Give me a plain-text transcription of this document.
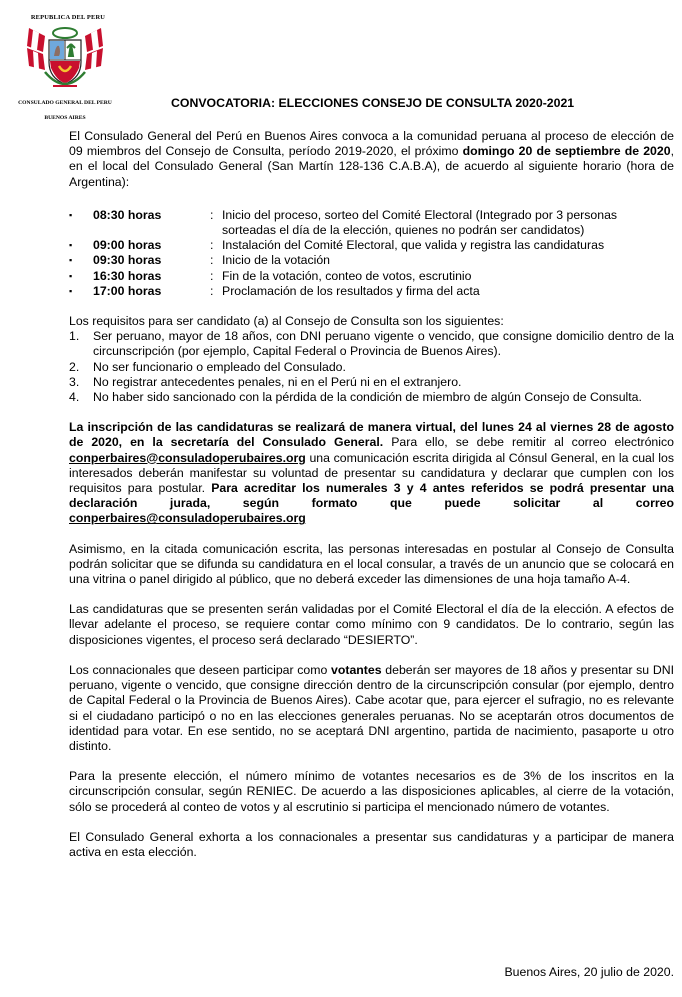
REPUBLICA DEL PERU
CONSULADO GENERAL DEL PERU
BUENOS AIRES
CONVOCATORIA: ELECCIONES CONSEJO DE CONSULTA 2020-2021

El Consulado General del Perú en Buenos Aires convoca a la comunidad peruana al proceso de elección de 09 miembros del Consejo de Consulta, período 2019-2020, el próximo domingo 20 de septiembre de 2020, en el local del Consulado General (San Martín 128-136 C.A.B.A), de acuerdo al siguiente horario (hora de Argentina):

▪ 08:30 horas	: Inicio del proceso, sorteo del Comité Electoral (Integrado por 3 personas sorteadas el día de la elección, quienes no podrán ser candidatos)
▪ 09:00 horas	: Instalación del Comité Electoral, que valida y registra las candidaturas
▪ 09:30 horas	: Inicio de la votación
▪ 16:30 horas	: Fin de la votación, conteo de votos, escrutinio
▪ 17:00 horas	: Proclamación de los resultados y firma del acta

Los requisitos para ser candidato (a) al Consejo de Consulta son los siguientes:

1. Ser peruano, mayor de 18 años, con DNI peruano vigente o vencido, que consigne domicilio dentro de la circunscripción (por ejemplo, Capital Federal o Provincia de Buenos Aires).
2. No ser funcionario o empleado del Consulado.
3. No registrar antecedentes penales, ni en el Perú ni en el extranjero.
4. No haber sido sancionado con la pérdida de la condición de miembro de algún Consejo de Consulta.

La inscripción de las candidaturas se realizará de manera virtual, del lunes 24 al viernes 28 de agosto de 2020, en la secretaría del Consulado General. Para ello, se debe remitir al correo electrónico conperbaires@consuladoperubaires.org una comunicación escrita dirigida al Cónsul General, en la cual los interesados deberán manifestar su voluntad de presentar su candidatura y declarar que cumplen con los requisitos para postular. Para acreditar los numerales 3 y 4 antes referidos se podrá presentar una declaración jurada, según formato que puede solicitar al correo conperbaires@consuladoperubaires.org

Asimismo, en la citada comunicación escrita, las personas interesadas en postular al Consejo de Consulta podrán solicitar que se difunda su candidatura en el local consular, a través de un anuncio que se colocará en una vitrina o panel dirigido al público, que no deberá exceder las dimensiones de una hoja tamaño A-4.

Las candidaturas que se presenten serán validadas por el Comité Electoral el día de la elección. A efectos de llevar adelante el proceso, se requiere contar como mínimo con 9 candidatos. De lo contrario, según las disposiciones vigentes, el proceso será declarado “DESIERTO”.

Los connacionales que deseen participar como votantes deberán ser mayores de 18 años y presentar su DNI peruano, vigente o vencido, que consigne dirección dentro de la circunscripción consular (por ejemplo, dentro de Capital Federal o la Provincia de Buenos Aires). Cabe acotar que, para ejercer el sufragio, no es relevante si el ciudadano participó o no en las elecciones generales peruanas. No se aceptarán otros documentos de identidad para votar. En ese sentido, no se aceptará DNI argentino, partida de nacimiento, pasaporte u otro distinto.

Para la presente elección, el número mínimo de votantes necesarios es de 3% de los inscritos en la circunscripción consular, según RENIEC. De acuerdo a las disposiciones aplicables, al cierre de la votación, sólo se procederá al conteo de votos y al escrutinio si participa el mencionado número de votantes.

El Consulado General exhorta a los connacionales a presentar sus candidaturas y a participar de manera activa en esta elección.

Buenos Aires, 20 julio de 2020.
